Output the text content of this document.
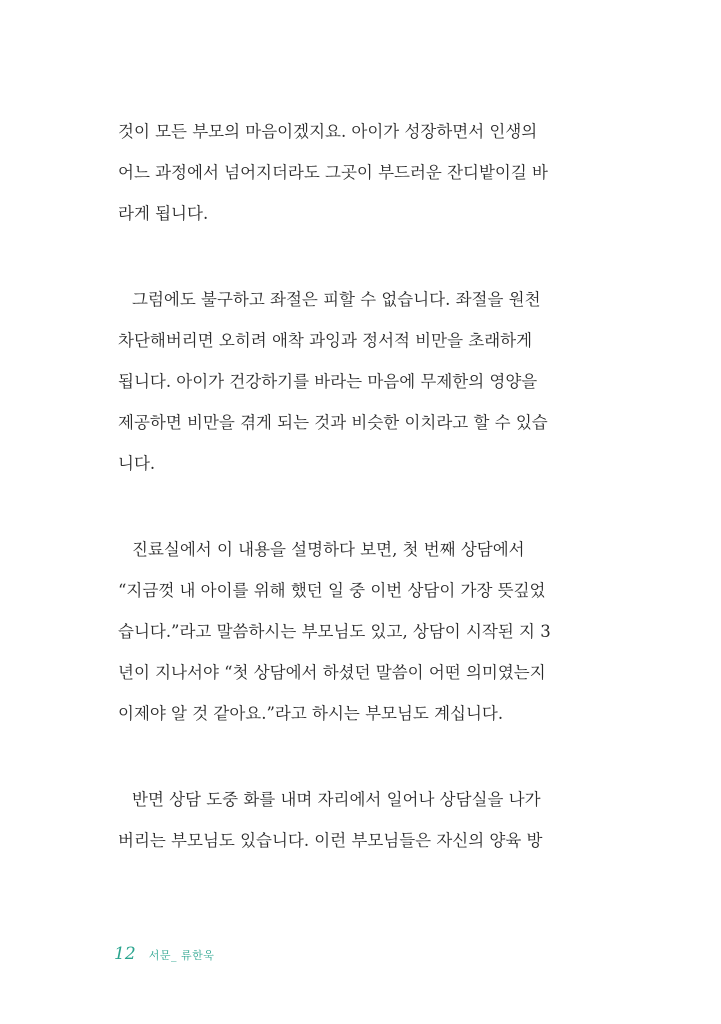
것이 모든 부모의 마음이겠지요. 아이가 성장하면서 인생의
어느 과정에서 넘어지더라도 그곳이 부드러운 잔디밭이길 바
라게 됩니다.
그럼에도 불구하고 좌절은 피할 수 없습니다. 좌절을 원천
차단해버리면 오히려 애착 과잉과 정서적 비만을 초래하게
됩니다. 아이가 건강하기를 바라는 마음에 무제한의 영양을
제공하면 비만을 겪게 되는 것과 비슷한 이치라고 할 수 있습
니다.
진료실에서 이 내용을 설명하다 보면, 첫 번째 상담에서
“지금껏 내 아이를 위해 했던 일 중 이번 상담이 가장 뜻깊었
습니다.”라고 말씀하시는 부모님도 있고, 상담이 시작된 지 3
년이 지나서야 “첫 상담에서 하셨던 말씀이 어떤 의미였는지
이제야 알 것 같아요.”라고 하시는 부모님도 계십니다.
반면 상담 도중 화를 내며 자리에서 일어나 상담실을 나가
버리는 부모님도 있습니다. 이런 부모님들은 자신의 양육 방
12 서문_ 류한욱
